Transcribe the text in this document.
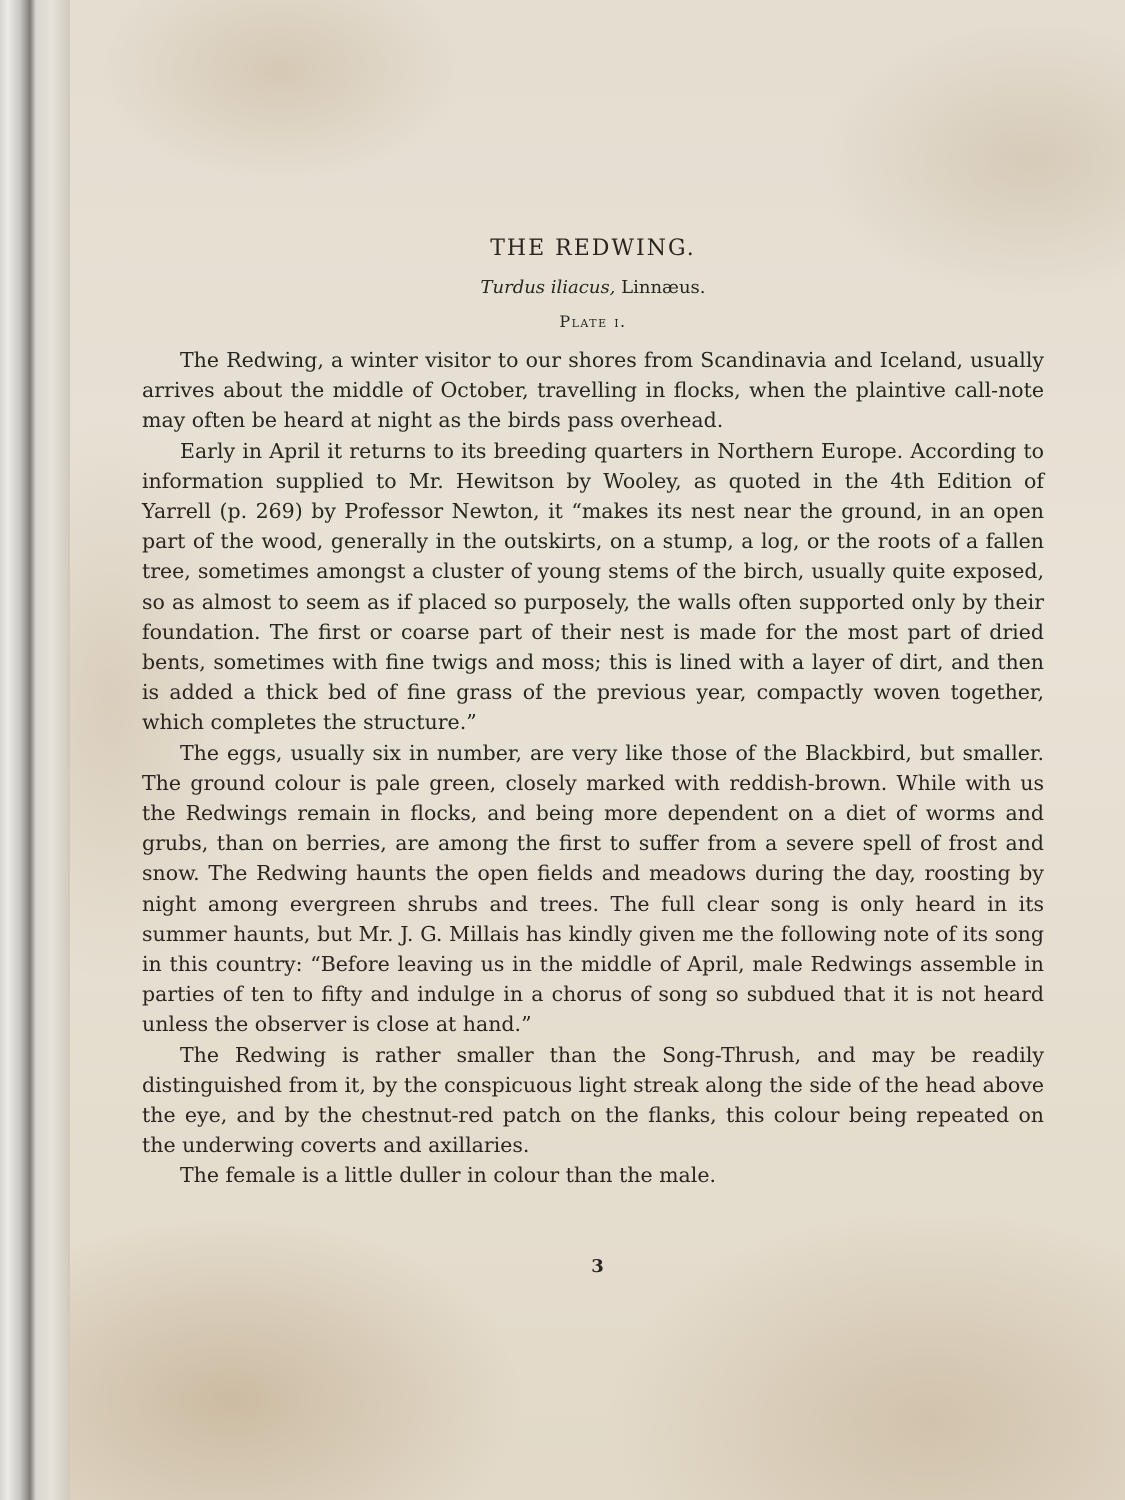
THE REDWING.
Turdus iliacus, Linnæus.
Plate i.

The Redwing, a winter visitor to our shores from Scandinavia and Iceland, usually arrives about the middle of October, travelling in flocks, when the plaintive call-note may often be heard at night as the birds pass overhead.

Early in April it returns to its breeding quarters in Northern Europe. According to information supplied to Mr. Hewitson by Wooley, as quoted in the 4th Edition of Yarrell (p. 269) by Professor Newton, it “makes its nest near the ground, in an open part of the wood, generally in the outskirts, on a stump, a log, or the roots of a fallen tree, sometimes amongst a cluster of young stems of the birch, usually quite exposed, so as almost to seem as if placed so purposely, the walls often supported only by their foundation. The first or coarse part of their nest is made for the most part of dried bents, sometimes with fine twigs and moss; this is lined with a layer of dirt, and then is added a thick bed of fine grass of the previous year, compactly woven together, which completes the structure.”

The eggs, usually six in number, are very like those of the Blackbird, but smaller. The ground colour is pale green, closely marked with reddish-brown. While with us the Redwings remain in flocks, and being more dependent on a diet of worms and grubs, than on berries, are among the first to suffer from a severe spell of frost and snow. The Redwing haunts the open fields and meadows during the day, roosting by night among evergreen shrubs and trees. The full clear song is only heard in its summer haunts, but Mr. J. G. Millais has kindly given me the following note of its song in this country: “Before leaving us in the middle of April, male Redwings assemble in parties of ten to fifty and indulge in a chorus of song so subdued that it is not heard unless the observer is close at hand.”

The Redwing is rather smaller than the Song-Thrush, and may be readily distinguished from it, by the conspicuous light streak along the side of the head above the eye, and by the chestnut-red patch on the flanks, this colour being repeated on the underwing coverts and axillaries.

The female is a little duller in colour than the male.

3
